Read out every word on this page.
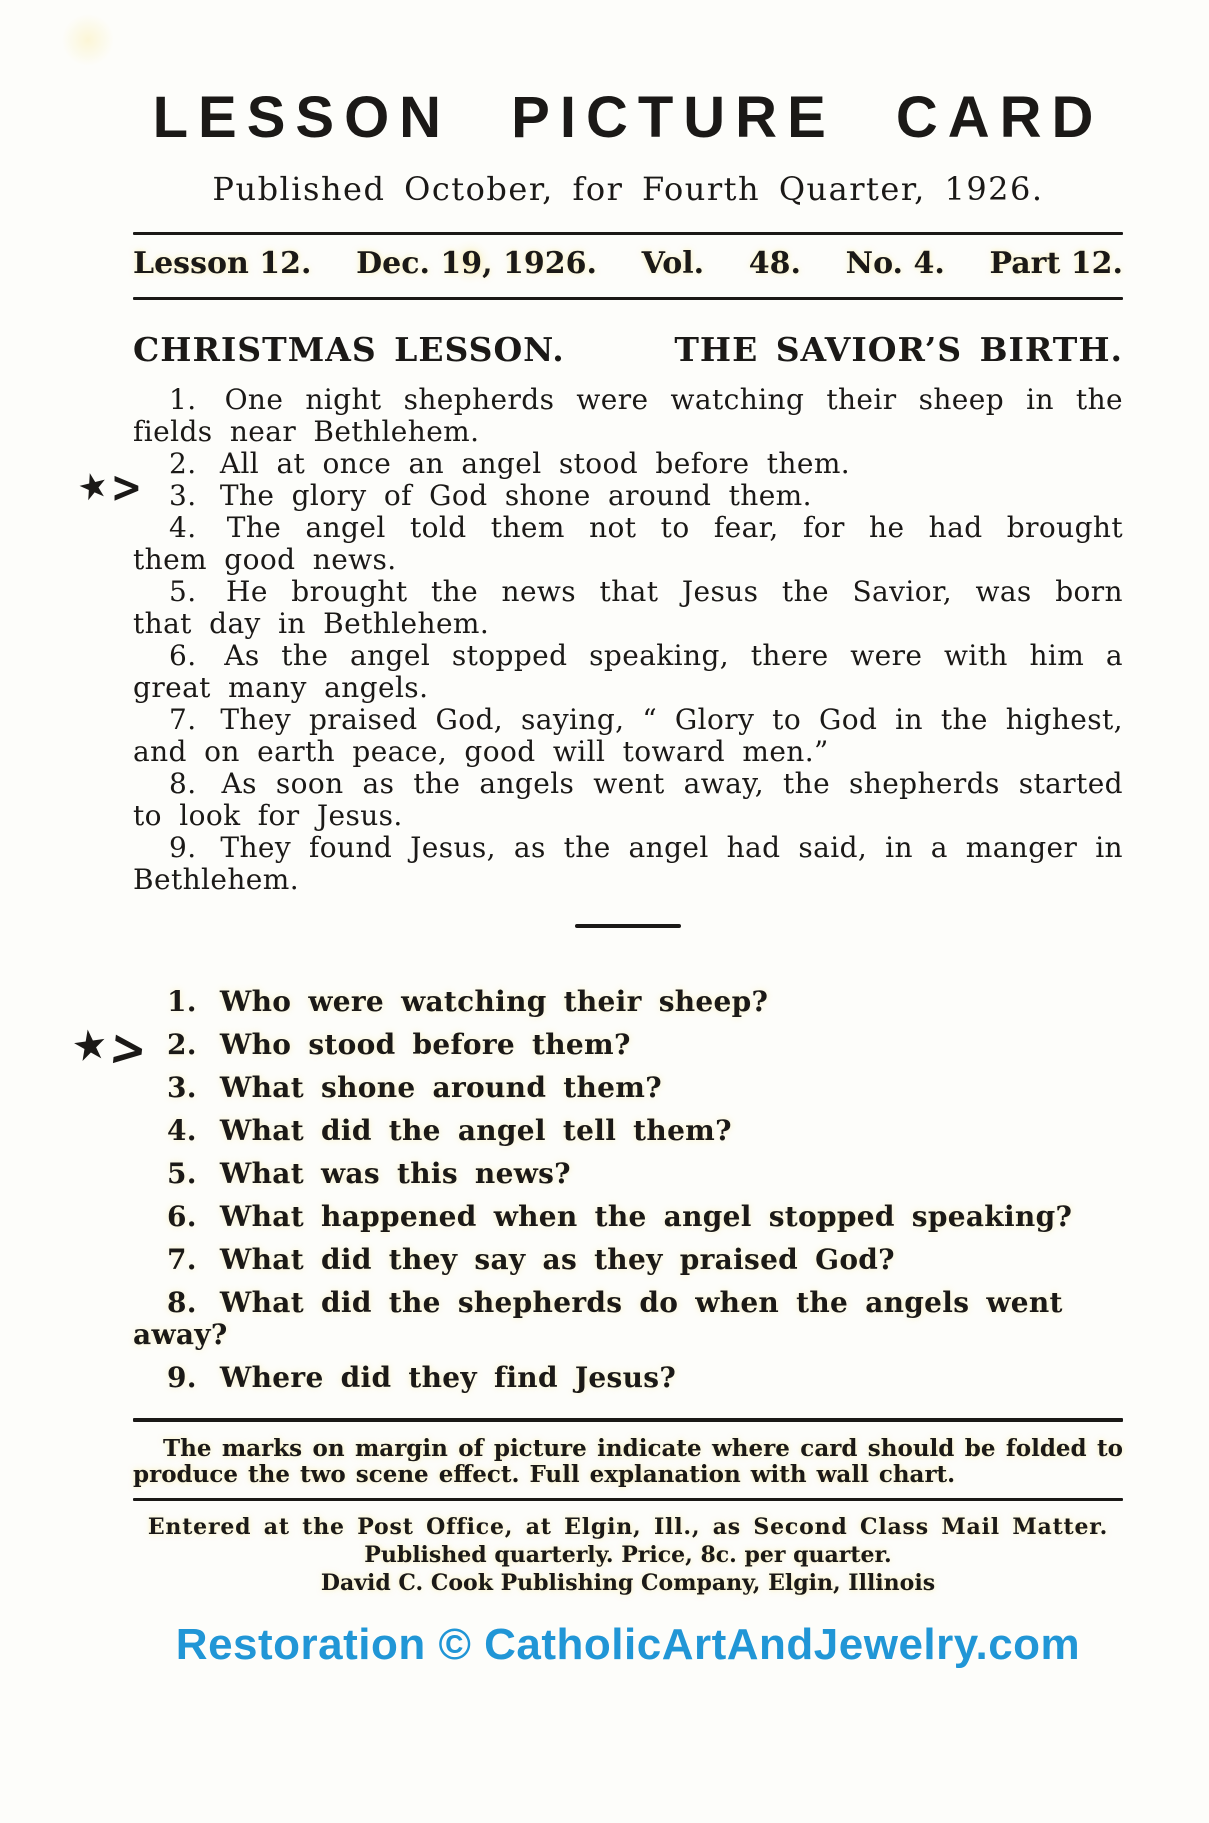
LESSON PICTURE CARD
Published October, for Fourth Quarter, 1926.
Lesson 12. Dec. 19, 1926. Vol. 48. No. 4. Part 12.
CHRISTMAS LESSON.	THE SAVIOR’S BIRTH.

1. One night shepherds were watching their sheep in the fields near Bethlehem.

2. All at once an angel stood before them.

3. The glory of God shone around them.

4. The angel told them not to fear, for he had brought them good news.

5. He brought the news that Jesus the Savior, was born that day in Bethlehem.

6. As the angel stopped speaking, there were with him a great many angels.

7. They praised God, saying, “ Glory to God in the highest, and on earth peace, good will toward men.”

8. As soon as the angels went away, the shepherds started to look for Jesus.

9. They found Jesus, as the angel had said, in a manger in Bethlehem.

1. Who were watching their sheep?

2. Who stood before them?

3. What shone around them?

4. What did the angel tell them?

5. What was this news?

6. What happened when the angel stopped speaking?

7. What did they say as they praised God?

8. What did the shepherds do when the angels went away?

9. Where did they find Jesus?

The marks on margin of picture indicate where card should be folded to produce the two scene effect. Full explanation with wall chart.

Entered at the Post Office, at Elgin, Ill., as Second Class Mail Matter.

Published quarterly. Price, 8c. per quarter.

David C. Cook Publishing Company, Elgin, Illinois

Restoration © CatholicArtAndJewelry.com
★
>
★
>
